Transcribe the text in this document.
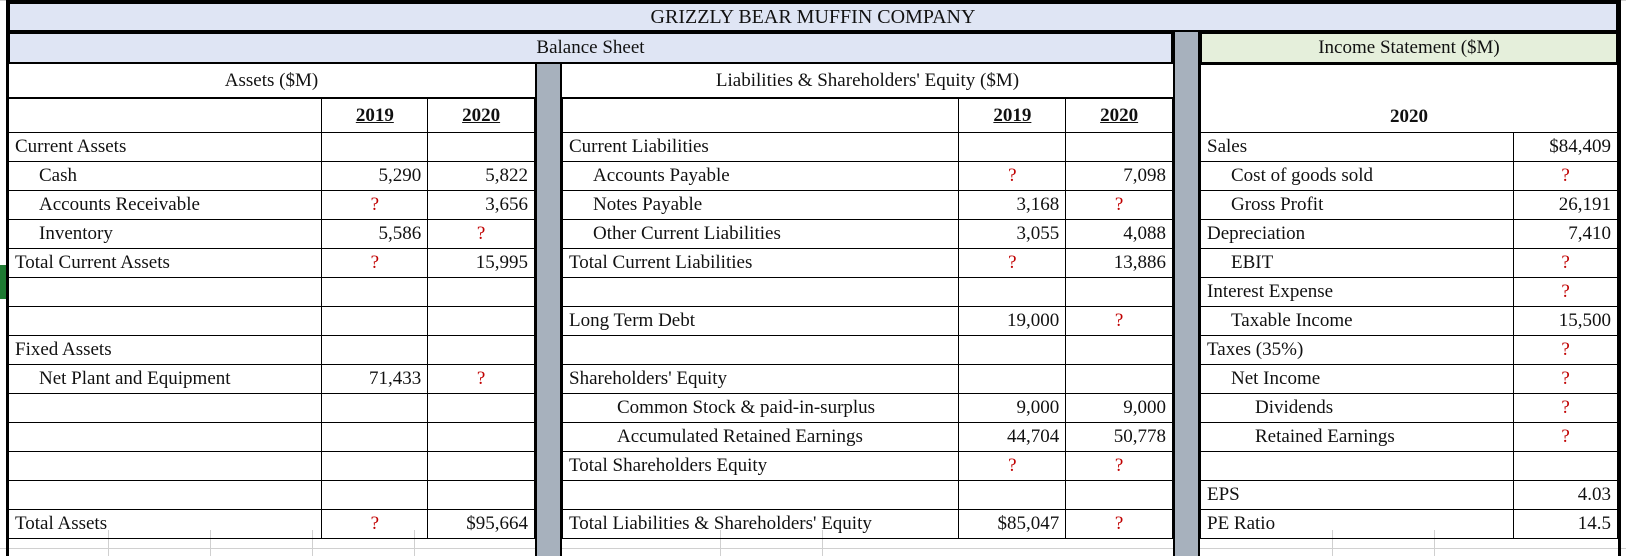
GRIZZLY BEAR MUFFIN COMPANY
Balance Sheet	Income Statement ($M)
Assets ($M)	Liabilities & Shareholders' Equity ($M)
	2019	2020
Current Assets		
Cash	5,290	5,822
Accounts Receivable	?	3,656
Inventory	5,586	?
Total Current Assets	?	15,995

Fixed Assets		
Net Plant and Equipment	71,433	?

Total Assets	?	$95,664
	2019	2020
Current Liabilities		
Accounts Payable	?	7,098
Notes Payable	3,168	?
Other Current Liabilities	3,055	4,088
Total Current Liabilities	?	13,886

Long Term Debt	19,000	?

Shareholders' Equity		
Common Stock & paid-in-surplus	9,000	9,000
Accumulated Retained Earnings	44,704	50,778
Total Shareholders Equity	?	?

Total Liabilities & Shareholders' Equity	$85,047	?
2020	
Sales	$84,409
Cost of goods sold	?
Gross Profit	26,191
Depreciation	7,410
EBIT	?
Interest Expense	?
Taxable Income	15,500
Taxes (35%)	?
Net Income	?
Dividends	?
Retained Earnings	?

EPS	4.03
PE Ratio	14.5
